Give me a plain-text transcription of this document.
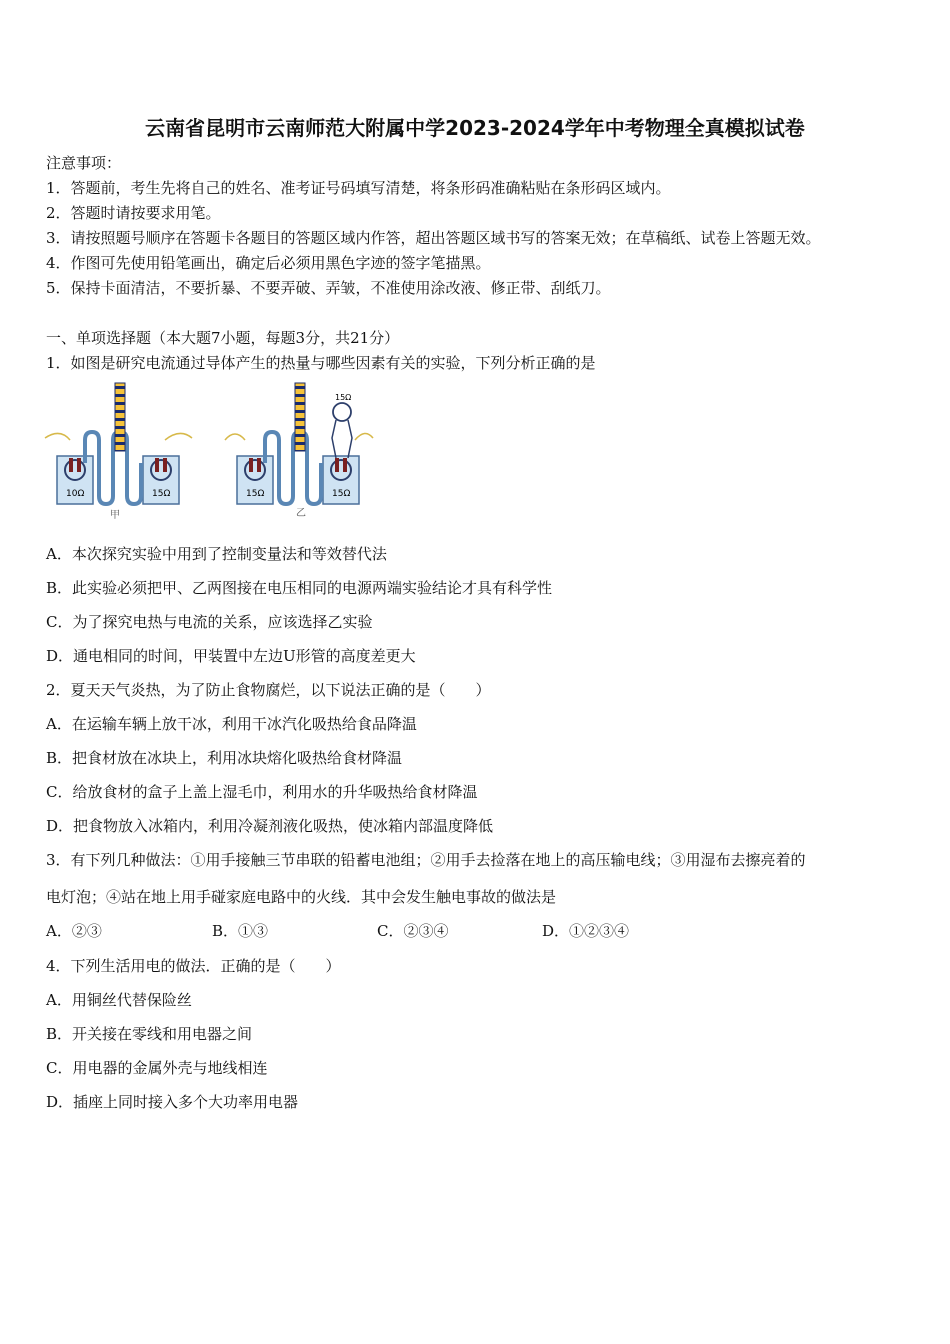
云南省昆明市云南师范大附属中学2023-2024学年中考物理全真模拟试卷
注意事项：
1．答题前，考生先将自己的姓名、准考证号码填写清楚，将条形码准确粘贴在条形码区域内。
2．答题时请按要求用笔。
3．请按照题号顺序在答题卡各题目的答题区域内作答，超出答题区域书写的答案无效；在草稿纸、试卷上答题无效。
4．作图可先使用铅笔画出，确定后必须用黑色字迹的签字笔描黑。
5．保持卡面清洁，不要折暴、不要弄破、弄皱，不准使用涂改液、修正带、刮纸刀。
一、单项选择题（本大题7小题，每题3分，共21分）
1．如图是研究电流通过导体产生的热量与哪些因素有关的实验，下列分析正确的是
10Ω	15Ω
甲
15Ω
15Ω	15Ω
乙
A．本次探究实验中用到了控制变量法和等效替代法
B．此实验必须把甲、乙两图接在电压相同的电源两端实验结论才具有科学性
C．为了探究电热与电流的关系，应该选择乙实验
D．通电相同的时间，甲装置中左边U形管的高度差更大
2．夏天天气炎热，为了防止食物腐烂，以下说法正确的是（　　）
A．在运输车辆上放干冰，利用干冰汽化吸热给食品降温
B．把食材放在冰块上，利用冰块熔化吸热给食材降温
C．给放食材的盒子上盖上湿毛巾，利用水的升华吸热给食材降温
D．把食物放入冰箱内，利用冷凝剂液化吸热，使冰箱内部温度降低
3．有下列几种做法：①用手接触三节串联的铅蓄电池组；②用手去捡落在地上的高压输电线；③用湿布去擦亮着的
电灯泡；④站在地上用手碰家庭电路中的火线．其中会发生触电事故的做法是
A．②③	B．①③	C．②③④	D．①②③④
4．下列生活用电的做法．正确的是（　　）
A．用铜丝代替保险丝
B．开关接在零线和用电器之间
C．用电器的金属外壳与地线相连
D．插座上同时接入多个大功率用电器
